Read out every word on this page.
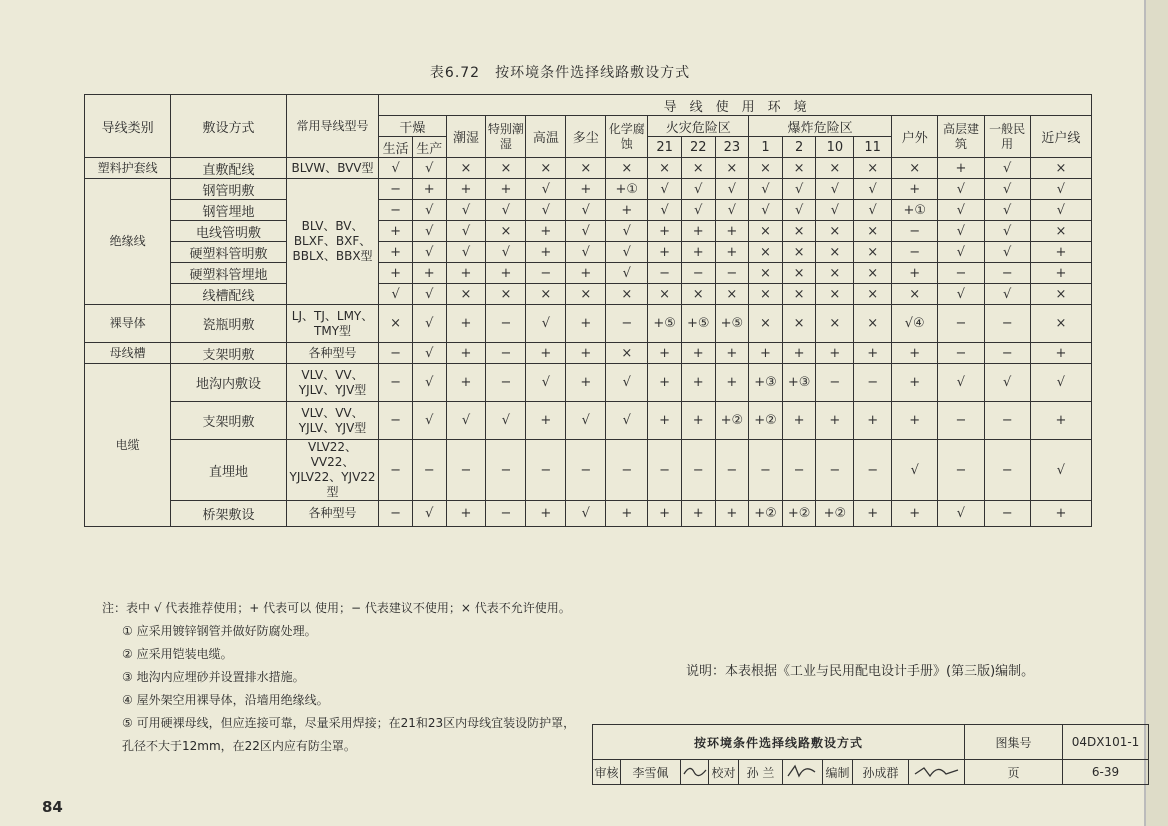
表6.72　按环境条件选择线路敷设方式
导线类别	敷设方式	常用导线型号	导　线　使　用　环　境																	
			干燥		潮湿	特别潮湿	高温	多尘	化学腐蚀	火灾危险区			爆炸危险区				户外	高层建筑	一般民用	近户线
			生活	生产						21	22	23	1	2	10	11				
塑料护套线	直敷配线	BLVW、BVV型	√	√	×	×	×	×	×	×	×	×	×	×	×	×	×	+	√	×
绝缘线	钢管明敷	BLV、BV、BLXF、BXF、BBLX、BBX型	−	+	+	+	√	+	+①	√	√	√	√	√	√	√	+	√	√	√
	钢管埋地		−	√	√	√	√	√	+	√	√	√	√	√	√	√	+①	√	√	√
	电线管明敷		+	√	√	×	+	√	√	+	+	+	×	×	×	×	−	√	√	×
	硬塑料管明敷		+	√	√	√	+	√	√	+	+	+	×	×	×	×	−	√	√	+
	硬塑料管埋地		+	+	+	+	−	+	√	−	−	−	×	×	×	×	+	−	−	+
	线槽配线		√	√	×	×	×	×	×	×	×	×	×	×	×	×	×	√	√	×
裸导体	瓷瓶明敷	LJ、TJ、LMY、TMY型	×	√	+	−	√	+	−	+⑤	+⑤	+⑤	×	×	×	×	√④	−	−	×
母线槽	支架明敷	各种型号	−	√	+	−	+	+	×	+	+	+	+	+	+	+	+	−	−	+
电缆	地沟内敷设	VLV、VV、YJLV、YJV型	−	√	+	−	√	+	√	+	+	+	+③	+③	−	−	+	√	√	√
	支架明敷	VLV、VV、YJLV、YJV型	−	√	√	√	+	√	√	+	+	+②	+②	+	+	+	+	−	−	+
	直埋地	VLV22、VV22、YJLV22、YJV22型	−	−	−	−	−	−	−	−	−	−	−	−	−	−	√	−	−	√
	桥架敷设	各种型号	−	√	+	−	+	√	+	+	+	+	+②	+②	+②	+	+	√	−	+
注：表中 √ 代表推荐使用；+ 代表可以 使用；− 代表建议不使用；× 代表不允许使用。
① 应采用镀锌钢管并做好防腐处理。
② 应采用铠装电缆。
③ 地沟内应埋砂并设置排水措施。
④ 屋外架空用裸导体，沿墙用绝缘线。
⑤ 可用硬裸母线，但应连接可靠，尽量采用焊接；在21和23区内母线宜装设防护罩，
孔径不大于12mm，在22区内应有防尘罩。
说明：本表根据《工业与民用配电设计手册》(第三版)编制。
按环境条件选择线路敷设方式									图集号	04DX101-1
审核	李雪佩		校对	孙 兰		编制	孙成群		页	6-39
84
